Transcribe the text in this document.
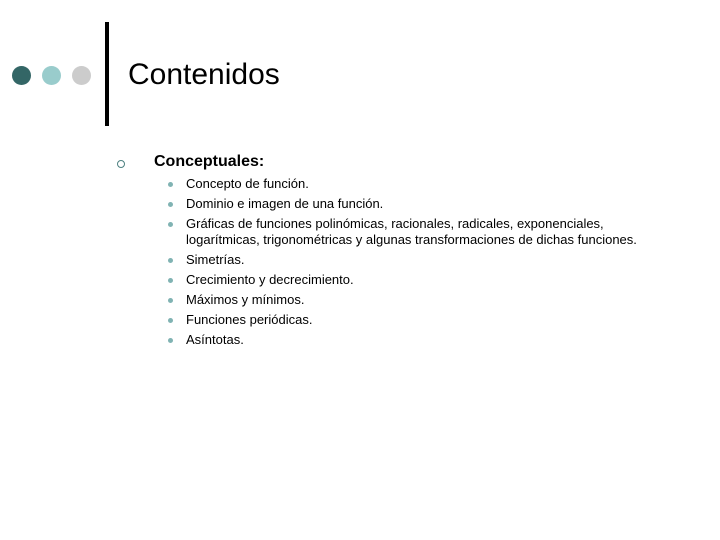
Contenidos
Conceptuales:
Concepto de función.
Dominio e imagen de una función.
Gráficas de funciones polinómicas, racionales, radicales, exponenciales, logarítmicas, trigonométricas y algunas transformaciones de dichas funciones.
Simetrías.
Crecimiento y decrecimiento.
Máximos y mínimos.
Funciones periódicas.
Asíntotas.
